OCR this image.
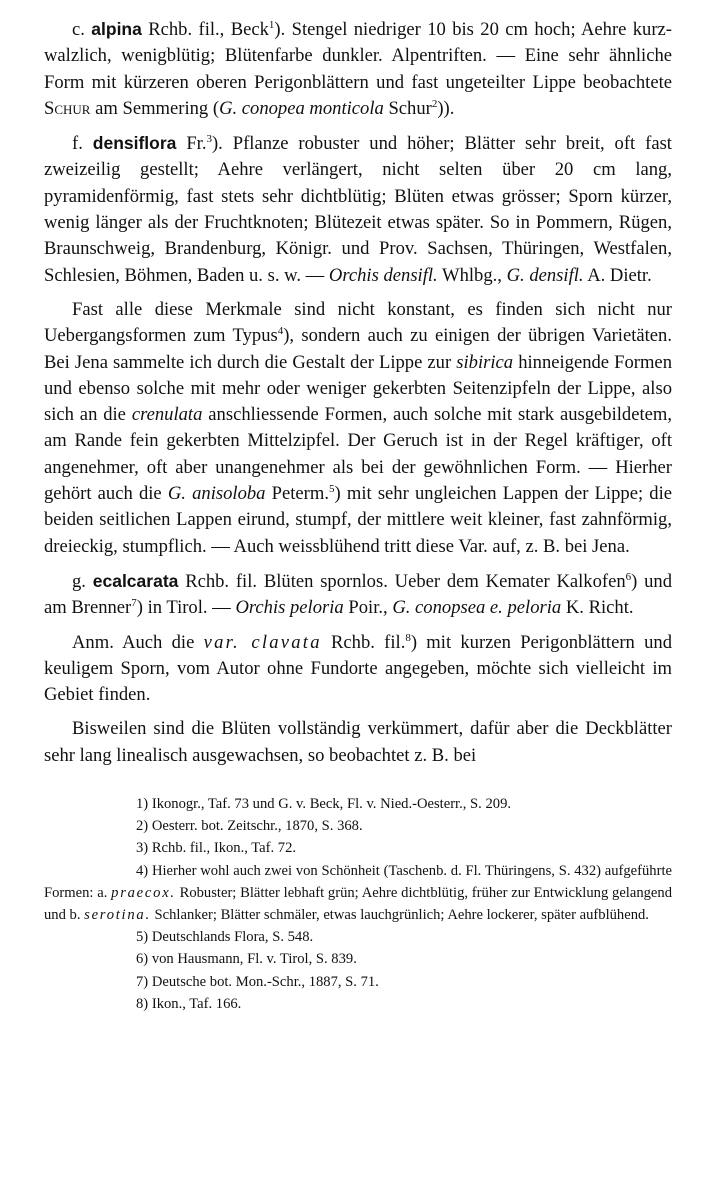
c. alpina Rchb. fil., Beck$^1$). Stengel niedriger 10 bis 20 cm hoch; Aehre kurz-walzlich, wenigblütig; Blütenfarbe dunkler. Alpentriften. — Eine sehr ähnliche Form mit kürzeren oberen Perigonblättern und fast ungeteilter Lippe beobachtete Schur am Semmering (G. conopea monticola Schur$^2$)).

f. densiflora Fr.$^3$). Pflanze robuster und höher; Blätter sehr breit, oft fast zweizeilig gestellt; Aehre verlängert, nicht selten über 20 cm lang, pyramidenförmig, fast stets sehr dichtblütig; Blüten etwas grösser; Sporn kürzer, wenig länger als der Fruchtknoten; Blütezeit etwas später. So in Pommern, Rügen, Braunschweig, Brandenburg, Königr. und Prov. Sachsen, Thüringen, Westfalen, Schlesien, Böhmen, Baden u. s. w. — Orchis densifl. Whlbg., G. densifl. A. Dietr.

Fast alle diese Merkmale sind nicht konstant, es finden sich nicht nur Uebergangsformen zum Typus$^4$), sondern auch zu einigen der übrigen Varietäten. Bei Jena sammelte ich durch die Gestalt der Lippe zur sibirica hinneigende Formen und ebenso solche mit mehr oder weniger gekerbten Seitenzipfeln der Lippe, also sich an die crenulata anschliessende Formen, auch solche mit stark ausgebildetem, am Rande fein gekerbten Mittelzipfel. Der Geruch ist in der Regel kräftiger, oft angenehmer, oft aber unangenehmer als bei der gewöhnlichen Form. — Hierher gehört auch die G. anisoloba Peterm.$^5$) mit sehr ungleichen Lappen der Lippe; die beiden seitlichen Lappen eirund, stumpf, der mittlere weit kleiner, fast zahnförmig, dreieckig, stumpflich. — Auch weissblühend tritt diese Var. auf, z. B. bei Jena.

g. ecalcarata Rchb. fil. Blüten spornlos. Ueber dem Kemater Kalkofen$^6$) und am Brenner$^7$) in Tirol. — Orchis peloria Poir., G. conopsea e. peloria K. Richt.

Anm. Auch die var. clavata Rchb. fil.$^8$) mit kurzen Perigonblättern und keuligem Sporn, vom Autor ohne Fundorte angegeben, möchte sich vielleicht im Gebiet finden.

Bisweilen sind die Blüten vollständig verkümmert, dafür aber die Deckblätter sehr lang linealisch ausgewachsen, so beobachtet z. B. bei

1) Ikonogr., Taf. 73 und G. v. Beck, Fl. v. Nied.-Oesterr., S. 209.

2) Oesterr. bot. Zeitschr., 1870, S. 368.

3) Rchb. fil., Ikon., Taf. 72.

4) Hierher wohl auch zwei von Schönheit (Taschenb. d. Fl. Thüringens, S. 432) aufgeführte Formen: a. praecox. Robuster; Blätter lebhaft grün; Aehre dichtblütig, früher zur Entwicklung gelangend und b. serotina. Schlanker; Blätter schmäler, etwas lauchgrünlich; Aehre lockerer, später aufblühend.

5) Deutschlands Flora, S. 548.

6) von Hausmann, Fl. v. Tirol, S. 839.

7) Deutsche bot. Mon.-Schr., 1887, S. 71.

8) Ikon., Taf. 166.
